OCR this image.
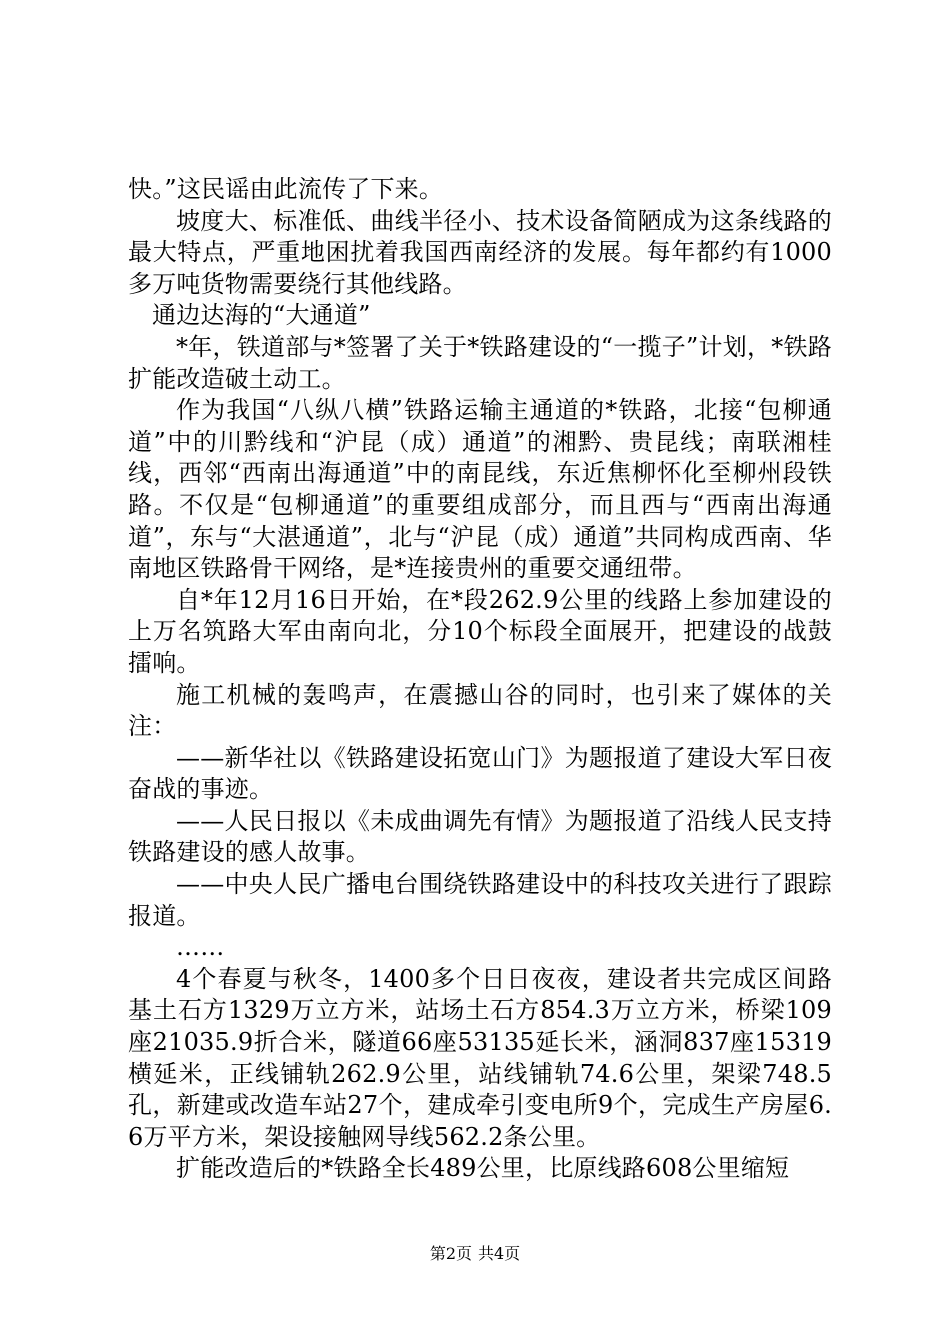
快。”这民谣由此流传了下来。

坡度大、标准低、曲线半径小、技术设备简陋成为这条线路的最大特点，严重地困扰着我国西南经济的发展。每年都约有1000多万吨货物需要绕行其他线路。

通边达海的“大通道”

*年，铁道部与*签署了关于*铁路建设的“一揽子”计划，*铁路扩能改造破土动工。

作为我国“八纵八横”铁路运输主通道的*铁路，北接“包柳通道”中的川黔线和“沪昆（成）通道”的湘黔、贵昆线；南联湘桂线，西邻“西南出海通道”中的南昆线，东近焦柳怀化至柳州段铁路。不仅是“包柳通道”的重要组成部分，而且西与“西南出海通道”，东与“大湛通道”，北与“沪昆（成）通道”共同构成西南、华南地区铁路骨干网络，是*连接贵州的重要交通纽带。

自*年12月16日开始，在*段262.9公里的线路上参加建设的上万名筑路大军由南向北，分10个标段全面展开，把建设的战鼓擂响。

施工机械的轰鸣声，在震撼山谷的同时，也引来了媒体的关注：

——新华社以《铁路建设拓宽山门》为题报道了建设大军日夜奋战的事迹。

——人民日报以《未成曲调先有情》为题报道了沿线人民支持铁路建设的感人故事。

——中央人民广播电台围绕铁路建设中的科技攻关进行了跟踪报道。

……

4个春夏与秋冬，1400多个日日夜夜，建设者共完成区间路基土石方1329万立方米，站场土石方854.3万立方米，桥梁109座21035.9折合米，隧道66座53135延长米，涵洞837座15319横延米，正线铺轨262.9公里，站线铺轨74.6公里，架梁748.5孔，新建或改造车站27个，建成牵引变电所9个，完成生产房屋6.6万平方米，架设接触网导线562.2条公里。

扩能改造后的*铁路全长489公里，比原线路608公里缩短

第2页 共4页
